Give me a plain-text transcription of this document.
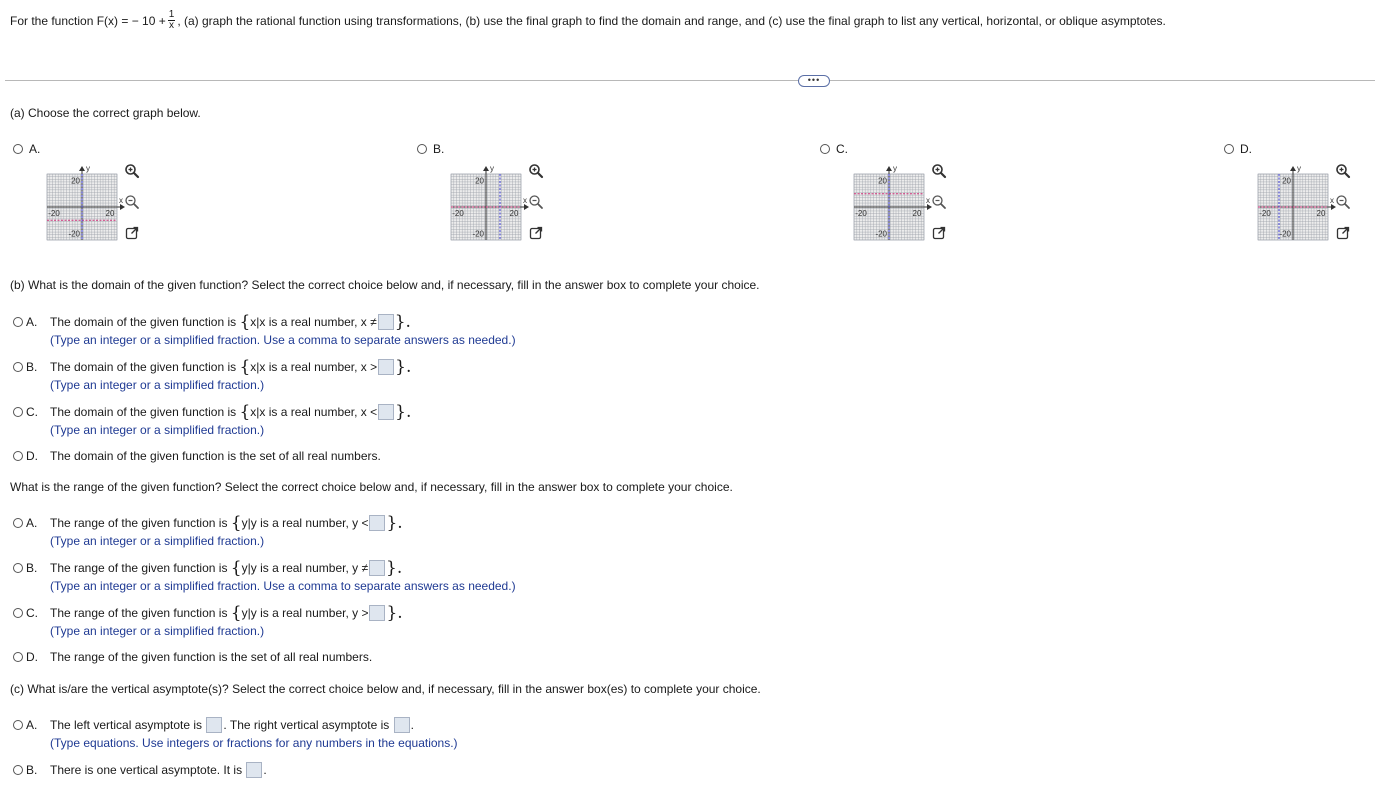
For the function F(x) = − $10 + \frac{1}{x}$ , (a) graph the rational function using transformations, (b) use the final graph to find the domain and range, and (c) use the final graph to list any vertical, horizontal, or oblique asymptotes.
•••
(a) Choose the correct graph below.
A.
y
x
20
-20
-20	20
B.
y
x
20
-20
-20	20
C.
y
x
20
-20
-20	20
D.
y
x
20
-20
-20	20
(b) What is the domain of the given function? Select the correct choice below and, if necessary, fill in the answer box to complete your choice.
A.	The domain of the given function is
{ x|x is a real number, x ≠ }.
(Type an integer or a simplified fraction. Use a comma to separate answers as needed.)
B.	The domain of the given function is
{ x|x is a real number, x > }.
(Type an integer or a simplified fraction.)
C.	The domain of the given function is
{ x|x is a real number, x < }.
(Type an integer or a simplified fraction.)
D.	The domain of the given function is the set of all real numbers.
What is the range of the given function? Select the correct choice below and, if necessary, fill in the answer box to complete your choice.
A.	The range of the given function is
{ y|y is a real number, y < }.
(Type an integer or a simplified fraction.)
B.	The range of the given function is
{ y|y is a real number, y ≠ }.
(Type an integer or a simplified fraction. Use a comma to separate answers as needed.)
C.	The range of the given function is
{ y|y is a real number, y > }.
(Type an integer or a simplified fraction.)
D.	The range of the given function is the set of all real numbers.
(c) What is/are the vertical asymptote(s)? Select the correct choice below and, if necessary, fill in the answer box(es) to complete your choice.
A.	The left vertical asymptote is
. The right vertical asymptote is
.
(Type equations. Use integers or fractions for any numbers in the equations.)
B.	There is one vertical asymptote. It is
.
